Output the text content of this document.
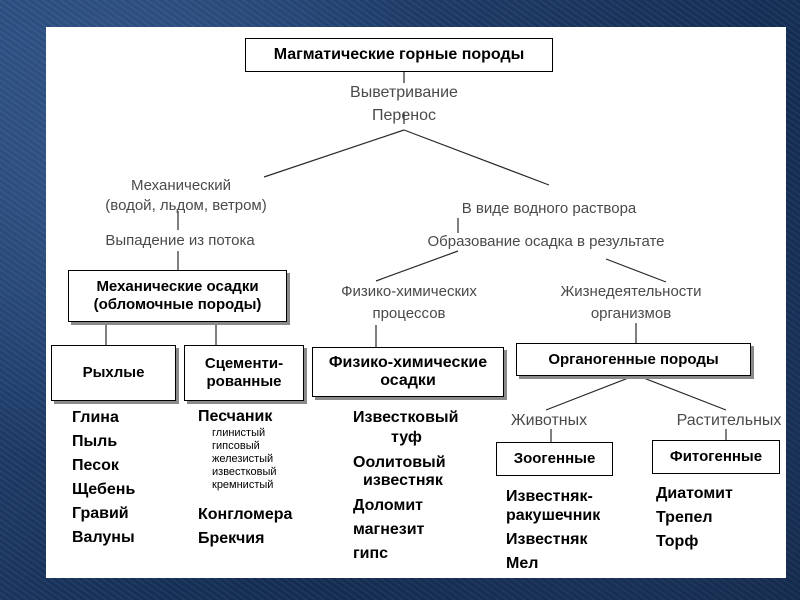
Магматические горные породы
Выветривание
Перенос
Механический
(водой, льдом, ветром)
Выпадение из потока
Механические осадки
(обломочные породы)
Рыхлые
Сцементи-
рованные
Глина
Пыль
Песок
Щебень
Гравий
Валуны
Песчаник
глинистый
гипсовый
железистый
известковый
кремнистый
Конгломера
Брекчия
В виде водного раствора
Образование осадка в результате
Физико-химических
процессов
Жизнедеятельности
организмов
Физико-химические
осадки
Известковый
туф
Оолитовый
известняк
Доломит
магнезит
гипс
Органогенные породы
Животных	Растительных
Зоогенные	Фитогенные
Известняк-
ракушечник
Известняк
Мел
Диатомит
Трепел
Торф
